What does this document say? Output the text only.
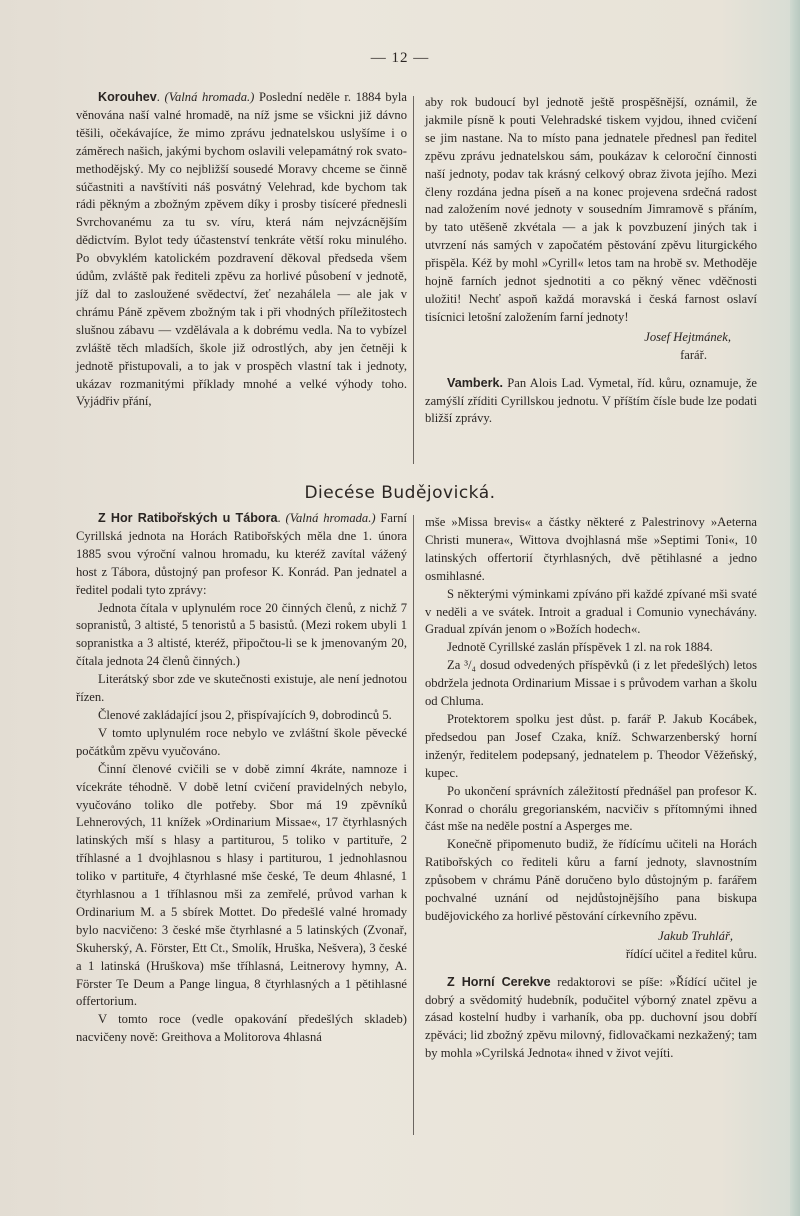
— 12 —

Korouhev. (Valná hromada.) Poslední neděle r. 1884 byla věnována naší valné hromadě, na níž jsme se všickni již dávno těšili, očekávajíce, že mimo zprávu jednatelskou uslyšíme i o záměrech našich, jakými bychom oslavili velepamátný rok svato-methodějský. My co nejbližší sousedé Moravy chceme se činně súčastniti a navštíviti náš posvátný Velehrad, kde bychom tak rádi pěkným a zbožným zpěvem díky i prosby tisíceré přednesli Svrchovanému za tu sv. víru, která nám nejvzácnějším dědictvím. Bylot tedy účastenství tenkráte větší roku minulého. Po obvyklém katolickém pozdravení děkoval předseda všem údům, zvláště pak řediteli zpěvu za horlivé působení v jednotě, jíž dal to zasloužené svědectví, žeť nezahálela — ale jak v chrámu Páně zpěvem zbožným tak i při vhodných příležitostech slušnou zábavu — vzdělávala a k dobrému vedla. Na to vybízel zvláště těch mladších, škole již odrostlých, aby jen četněji k jednotě přistupovali, a to jak v prospěch vlastní tak i jednoty, ukázav rozmanitými příklady mnohé a velké výhody toho. Vyjádřiv přání,

aby rok budoucí byl jednotě ještě prospěšnější, oznámil, že jakmile písně k pouti Velehradské tiskem vyjdou, ihned cvičení se jim nastane. Na to místo pana jednatele přednesl pan ředitel zpěvu zprávu jednatelskou sám, poukázav k celoroční činnosti naší jednoty, podav tak krásný celkový obraz života jejího. Mezi členy rozdána jedna píseň a na konec projevena srdečná radost nad založením nové jednoty v sousedním Jimramově s přáním, by tato utěšeně zkvétala — a jak k povzbuzení jiných tak i utvrzení nás samých v započatém pěstování zpěvu liturgického přispěla. Kéž by mohl »Cyrill« letos tam na hrobě sv. Methoděje hojně farních jednot sjednotiti a co pěkný věnec vděčnosti uložiti! Nechť aspoň každá moravská i česká farnost oslaví tisícnici letošní založením farní jednoty!

Josef Hejtmánek,
farář.

Vamberk. Pan Alois Lad. Vymetal, říd. kůru, oznamuje, že zamýšlí zříditi Cyrillskou jednotu. V příštím čísle bude lze podati bližší zprávy.

Diecése Budějovická.

Z Hor Ratibořských u Tábora. (Valná hromada.) Farní Cyrillská jednota na Horách Ratibořských měla dne 1. února 1885 svou výroční valnou hromadu, ku kteréž zavítal vážený host z Tábora, důstojný pan profesor K. Konrád. Pan jednatel a ředitel podali tyto zprávy:

Jednota čítala v uplynulém roce 20 činných členů, z nichž 7 sopranistů, 3 altisté, 5 tenoristů a 5 basistů. (Mezi rokem ubyli 1 sopranistka a 3 altisté, kteréž, připočtou-li se k jmenovaným 20, čítala jednota 24 členů činných.)

Literátský sbor zde ve skutečnosti existuje, ale není jednotou řízen.

Členové zakládající jsou 2, přispívajících 9, dobrodinců 5.

V tomto uplynulém roce nebylo ve zvláštní škole pěvecké počátkům zpěvu vyučováno.

Činní členové cvičili se v době zimní 4kráte, namnoze i vícekráte téhodně. V době letní cvičení pravidelných nebylo, vyučováno toliko dle potřeby. Sbor má 19 zpěvníků Lehnerových, 11 knížek »Ordinarium Missae«, 17 čtyrhlasných latinských mší s hlasy a partiturou, 5 toliko v partituře, 2 tříhlasné a 1 dvojhlasnou s hlasy i partiturou, 1 jednohlasnou toliko v partituře, 4 čtyrhlasné mše české, Te deum 4hlasné, 1 čtyrhlasnou a 1 tříhlasnou mši za zemřelé, průvod varhan k Ordinarium M. a 5 sbírek Mottet. Do předešlé valné hromady bylo nacvičeno: 3 české mše čtyrhlasné a 5 latinských (Zvonař, Skuherský, A. Förster, Ett Ct., Smolík, Hruška, Nešvera), 3 české a 1 latinská (Hruškova) mše tříhlasná, Leitnerovy hymny, A. Förster Te Deum a Pange lingua, 8 čtyrhlasných a 1 pětihlasné offertorium.

V tomto roce (vedle opakování předešlých skladeb) nacvičeny nově: Greithova a Molitorova 4hlasná

mše »Missa brevis« a částky některé z Palestrinovy »Aeterna Christi munera«, Wittova dvojhlasná mše »Septimi Toni«, 10 latinských offertorií čtyrhlasných, dvě pětihlasné a jedno osmihlasné.

S některými výminkami zpíváno při každé zpívané mši svaté v neděli a ve svátek. Introit a gradual i Comunio vynechávány. Gradual zpíván jenom o »Božích hodech«.

Jednotě Cyrillské zaslán příspěvek 1 zl. na rok 1884.

Za ³/₄ dosud odvedených příspěvků (i z let předešlých) letos obdržela jednota Ordinarium Missae i s průvodem varhan a školu od Chluma.

Protektorem spolku jest důst. p. farář P. Jakub Kocábek, předsedou pan Josef Czaka, kníž. Schwarzenberský horní inženýr, ředitelem podepsaný, jednatelem p. Theodor Věžeňský, kupec.

Po ukončení správních záležitostí přednášel pan profesor K. Konrad o chorálu gregorianském, nacvičiv s přítomnými ihned část mše na neděle postní a Asperges me.

Konečně připomenuto budiž, že řídícímu učiteli na Horách Ratibořských co řediteli kůru a farní jednoty, slavnostním způsobem v chrámu Páně doručeno bylo důstojným p. farářem pochvalné uznání od nejdůstojnějšího pana biskupa budějovického za horlivé pěstování církevního zpěvu.

Jakub Truhlář,
řídící učitel a ředitel kůru.

Z Horní Cerekve redaktorovi se píše: »Řídící učitel je dobrý a svědomitý hudebník, podučitel výborný znatel zpěvu a zásad kostelní hudby i varhaník, oba pp. duchovní jsou dobří zpěváci; lid zbožný zpěvu milovný, fidlovačkami nezkažený; tam by mohla »Cyrilská Jednota« ihned v život vejíti.
